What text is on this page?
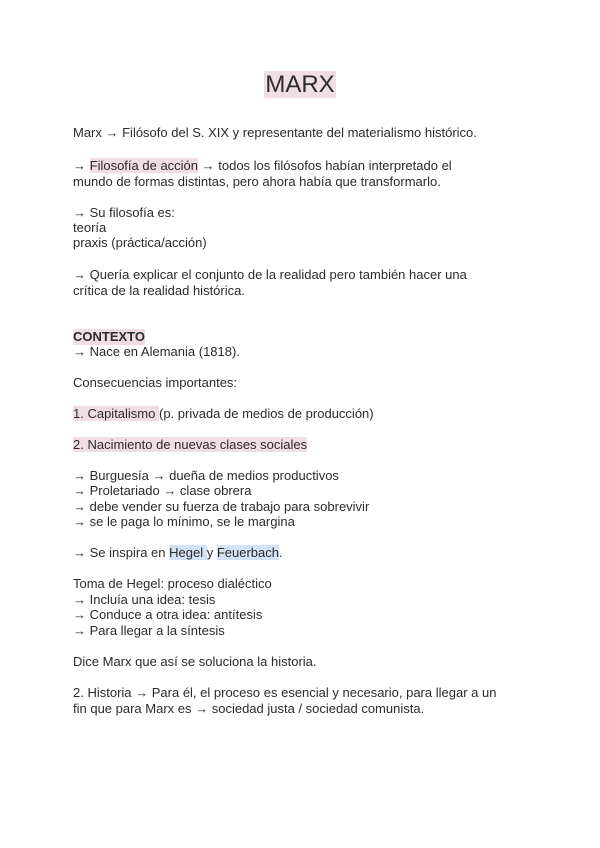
MARX
Marx → Filósofo del S. XIX y representante del materialismo histórico.
→ Filosofía de acción → todos los filósofos habían interpretado el
mundo de formas distintas, pero ahora había que transformarlo.
→ Su filosofía es:
teoría
praxis (práctica/acción)
→ Quería explicar el conjunto de la realidad pero también hacer una
crítica de la realidad histórica.
CONTEXTO
→ Nace en Alemania (1818).
Consecuencias importantes:
1. Capitalismo (p. privada de medios de producción)
2. Nacimiento de nuevas clases sociales
→ Burguesía → dueña de medios productivos
→ Proletariado → clase obrera
→ debe vender su fuerza de trabajo para sobrevivir
→ se le paga lo mínimo, se le margina
→ Se inspira en Hegel y Feuerbach.
Toma de Hegel: proceso dialéctico
→ Incluía una idea: tesis
→ Conduce a otra idea: antítesis
→ Para llegar a la síntesis
Dice Marx que así se soluciona la historia.
2. Historia → Para él, el proceso es esencial y necesario, para llegar a un
fin que para Marx es → sociedad justa / sociedad comunista.
